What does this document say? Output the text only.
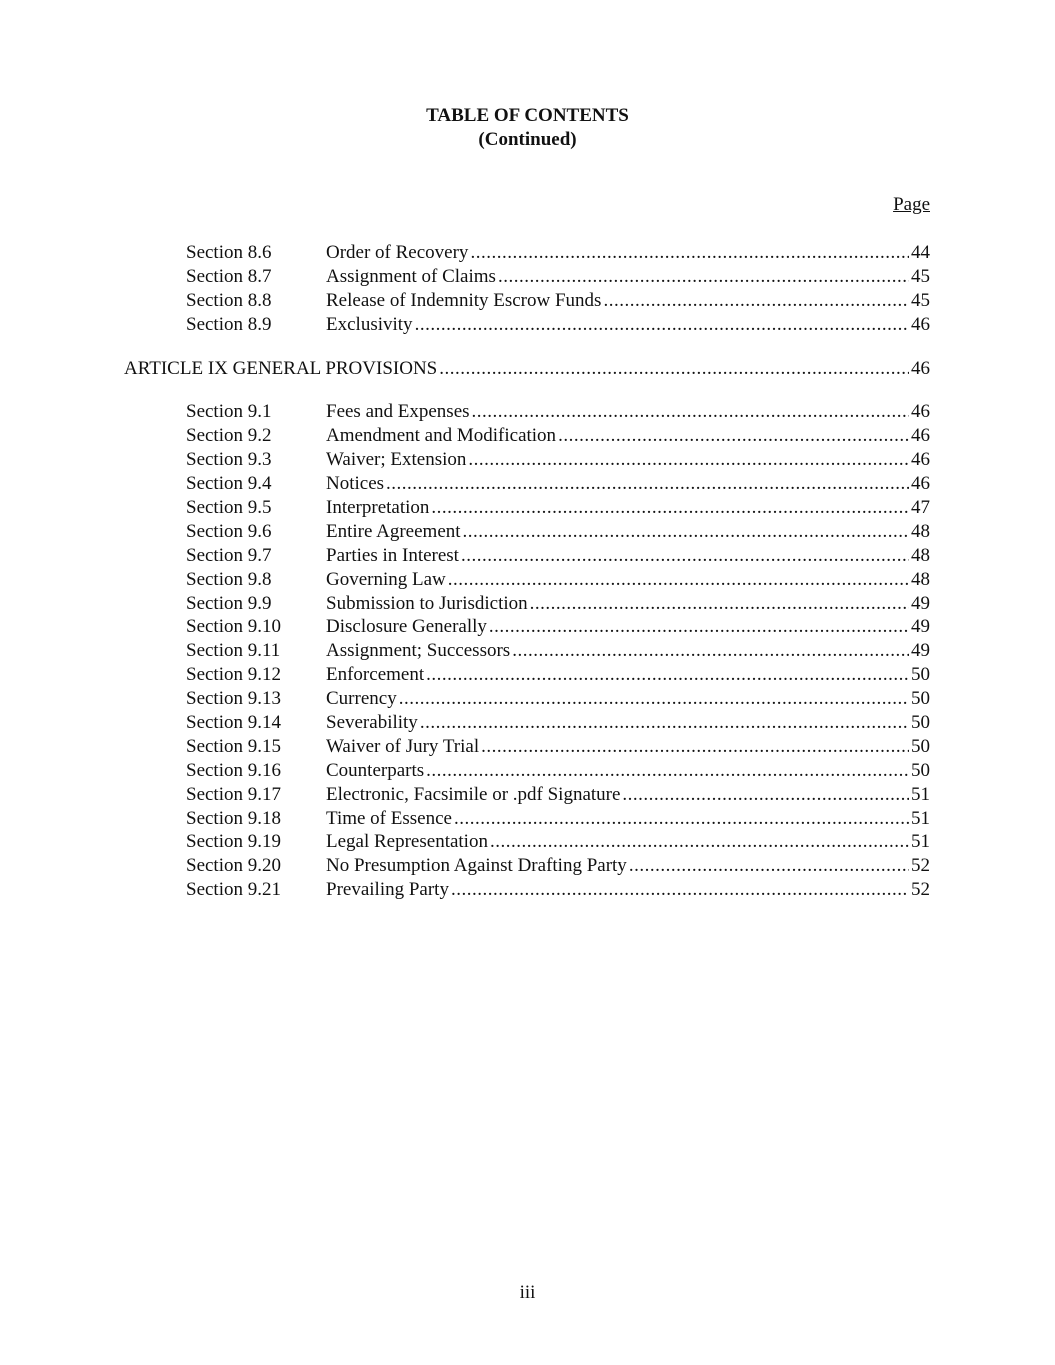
TABLE OF CONTENTS
(Continued)
Page
Section 8.6	Order of Recovery .....	44
Section 8.7	Assignment of Claims .....	45
Section 8.8	Release of Indemnity Escrow Funds .....	45
Section 8.9	Exclusivity .....	46
ARTICLE IX GENERAL PROVISIONS .....	46
Section 9.1	Fees and Expenses .....	46
Section 9.2	Amendment and Modification .....	46
Section 9.3	Waiver; Extension .....	46
Section 9.4	Notices .....	46
Section 9.5	Interpretation .....	47
Section 9.6	Entire Agreement .....	48
Section 9.7	Parties in Interest .....	48
Section 9.8	Governing Law .....	48
Section 9.9	Submission to Jurisdiction .....	49
Section 9.10 Disclosure Generally .....	49
Section 9.11 Assignment; Successors .....	49
Section 9.12 Enforcement .....	50
Section 9.13 Currency .....	50
Section 9.14 Severability .....	50
Section 9.15 Waiver of Jury Trial .....	50
Section 9.16 Counterparts .....	50
Section 9.17 Electronic, Facsimile or .pdf Signature .....	51
Section 9.18 Time of Essence .....	51
Section 9.19 Legal Representation .....	51
Section 9.20 No Presumption Against Drafting Party .....	52
Section 9.21 Prevailing Party .....	52
iii
